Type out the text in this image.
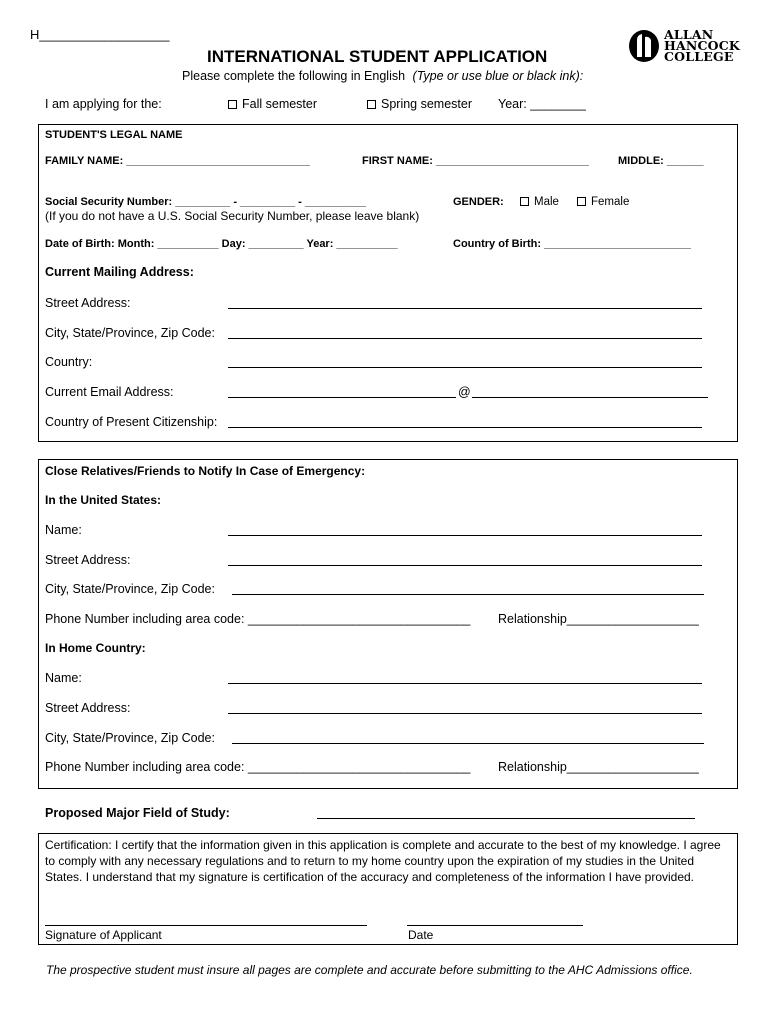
H__________________
INTERNATIONAL STUDENT APPLICATION
Please complete the following in English (Type or use blue or black ink):
ALLAN
HANCOCK
COLLEGE
I am applying for the:	Fall semester	Spring semester Year: ________
STUDENT'S LEGAL NAME
FAMILY NAME: ______________________________	FIRST NAME: _________________________	MIDDLE: ______
Social Security Number: _________ - _________ - __________
(If you do not have a U.S. Social Security Number, please leave blank)
GENDER:	Male	Female
Date of Birth: Month: __________ Day: _________ Year: __________	Country of Birth: ________________________
Current Mailing Address:
Street Address:
City, State/Province, Zip Code:
Country:
Current Email Address:	@
Country of Present Citizenship:
Close Relatives/Friends to Notify In Case of Emergency:
In the United States:
Name:
Street Address:
City, State/Province, Zip Code:
Phone Number including area code: ________________________________ Relationship___________________
In Home Country:
Name:
Street Address:
City, State/Province, Zip Code:
Phone Number including area code: ________________________________ Relationship___________________
Proposed Major Field of Study:
Certification: I certify that the information given in this application is complete and accurate to the best of my knowledge. I agree to comply with any necessary regulations and to return to my home country upon the expiration of my studies in the United States. I understand that my signature is certification of the accuracy and completeness of the information I have provided.
Signature of Applicant	Date
The prospective student must insure all pages are complete and accurate before submitting to the AHC Admissions office.
